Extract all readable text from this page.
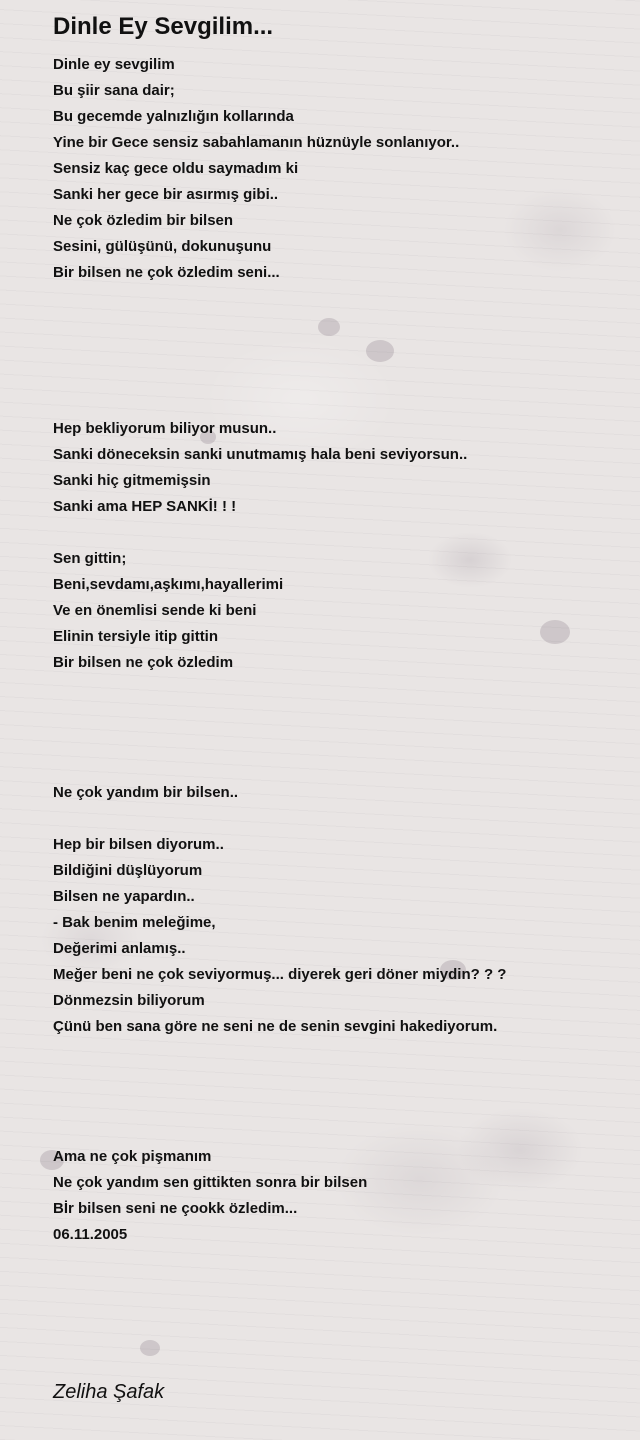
Dinle Ey Sevgilim...
Dinle ey sevgilim
Bu şiir sana dair;
Bu gecemde yalnızlığın kollarında
Yine bir Gece sensiz sabahlamanın hüznüyle sonlanıyor..
Sensiz kaç gece oldu saymadım ki
Sanki her gece bir asırmış gibi..
Ne çok özledim bir bilsen
Sesini, gülüşünü, dokunuşunu
Bir bilsen ne çok özledim seni...
Hep bekliyorum biliyor musun..
Sanki döneceksin sanki unutmamış hala beni seviyorsun..
Sanki hiç gitmemişsin
Sanki ama HEP SANKİ! ! !
Sen gittin;
Beni,sevdamı,aşkımı,hayallerimi
Ve en önemlisi sende ki beni
Elinin tersiyle itip gittin
Bir bilsen ne çok özledim
Ne çok yandım bir bilsen..
Hep bir bilsen diyorum..
Bildiğini düşlüyorum
Bilsen ne yapardın..
- Bak benim meleğime,
Değerimi anlamış..
Meğer beni ne çok seviyormuş... diyerek geri döner miydin? ? ?
Dönmezsin biliyorum
Çünü ben sana göre ne seni ne de senin sevgini hakediyorum.
Ama ne çok pişmanım
Ne çok yandım sen gittikten sonra bir bilsen
Bİr bilsen seni ne çookk özledim...
06.11.2005
Zeliha Şafak
